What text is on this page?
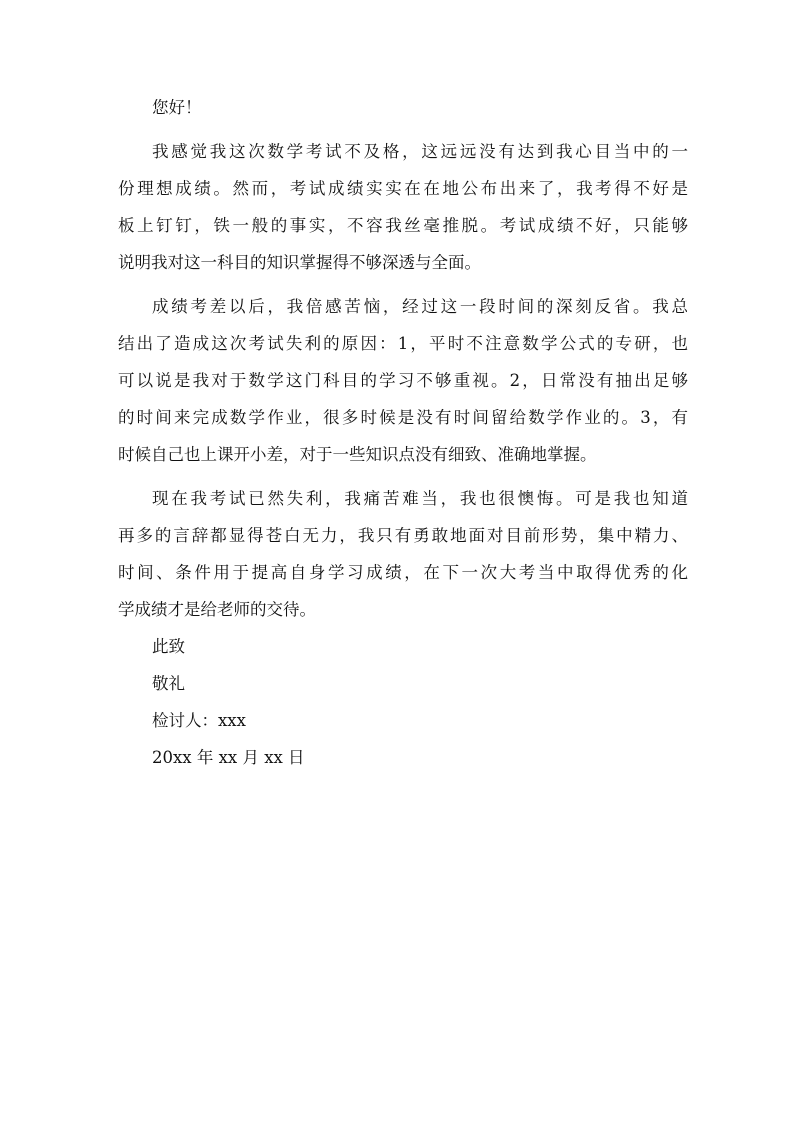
您好！
我感觉我这次数学考试不及格，这远远没有达到我心目当中的一
份理想成绩。然而，考试成绩实实在在地公布出来了，我考得不好是
板上钉钉，铁一般的事实，不容我丝毫推脱。考试成绩不好，只能够
说明我对这一科目的知识掌握得不够深透与全面。
成绩考差以后，我倍感苦恼，经过这一段时间的深刻反省。我总
结出了造成这次考试失利的原因：1，平时不注意数学公式的专研，也
可以说是我对于数学这门科目的学习不够重视。2，日常没有抽出足够
的时间来完成数学作业，很多时候是没有时间留给数学作业的。3，有
时候自己也上课开小差，对于一些知识点没有细致、准确地掌握。
现在我考试已然失利，我痛苦难当，我也很懊悔。可是我也知道
再多的言辞都显得苍白无力，我只有勇敢地面对目前形势，集中精力、
时间、条件用于提高自身学习成绩，在下一次大考当中取得优秀的化
学成绩才是给老师的交待。
此致
敬礼
检讨人：xxx
20xx 年 xx 月 xx 日
